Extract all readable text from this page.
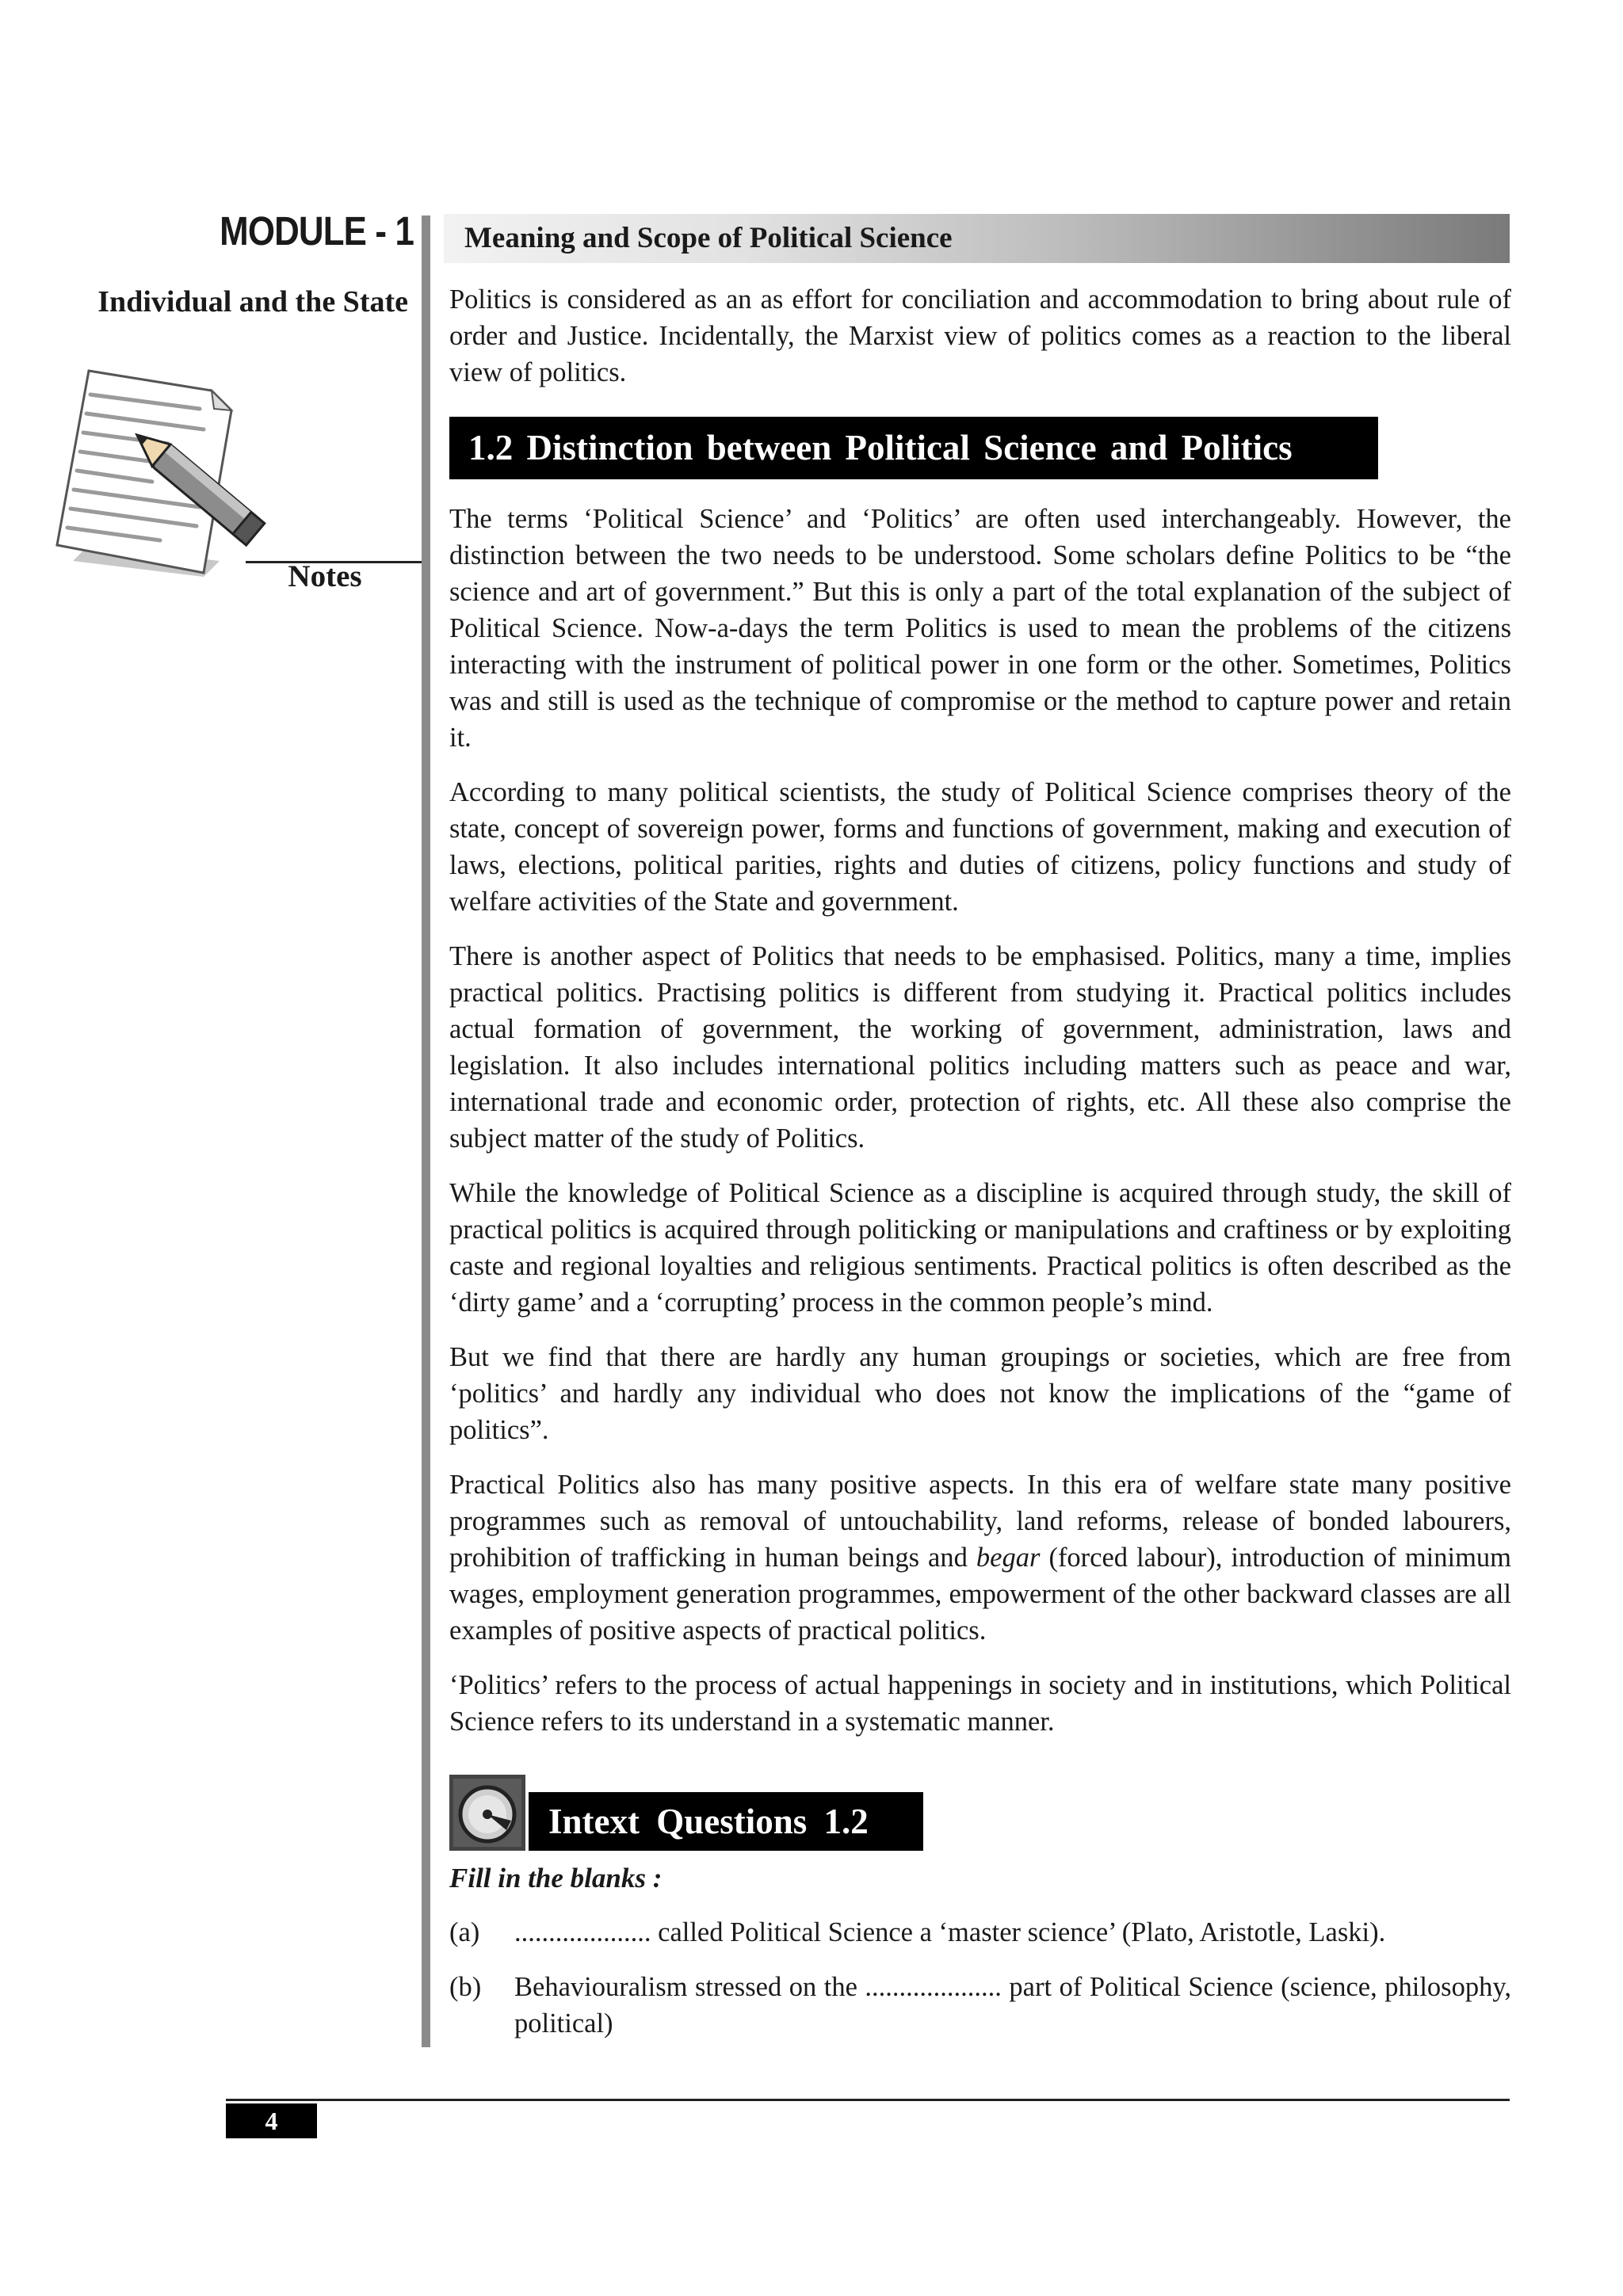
MODULE - 1
Individual and the State
Notes
Meaning and Scope of Political Science

Politics is considered as an as effort for conciliation and accommodation to bring about rule of order and Justice. Incidentally, the Marxist view of politics comes as a reaction to the liberal view of politics.

1.2 Distinction between Political Science and Politics

The terms ‘Political Science’ and ‘Politics’ are often used interchangeably. However, the distinction between the two needs to be understood. Some scholars define Politics to be “the science and art of government.” But this is only a part of the total explanation of the subject of Political Science. Now-a-days the term Politics is used to mean the problems of the citizens interacting with the instrument of political power in one form or the other. Sometimes, Politics was and still is used as the technique of compromise or the method to capture power and retain it.

According to many political scientists, the study of Political Science comprises theory of the state, concept of sovereign power, forms and functions of government, making and execution of laws, elections, political parities, rights and duties of citizens, policy functions and study of welfare activities of the State and government.

There is another aspect of Politics that needs to be emphasised. Politics, many a time, implies practical politics. Practising politics is different from studying it. Practical politics includes actual formation of government, the working of government, administration, laws and legislation. It also includes international politics including matters such as peace and war, international trade and economic order, protection of rights, etc. All these also comprise the subject matter of the study of Politics.

While the knowledge of Political Science as a discipline is acquired through study, the skill of practical politics is acquired through politicking or manipulations and craftiness or by exploiting caste and regional loyalties and religious sentiments. Practical politics is often described as the ‘dirty game’ and a ‘corrupting’ process in the common people’s mind.

But we find that there are hardly any human groupings or societies, which are free from ‘politics’ and hardly any individual who does not know the implications of the “game of politics”.

Practical Politics also has many positive aspects. In this era of welfare state many positive programmes such as removal of untouchability, land reforms, release of bonded labourers, prohibition of trafficking in human beings and begar (forced labour), introduction of minimum wages, employment generation programmes, empowerment of the other backward classes are all examples of positive aspects of practical politics.

‘Politics’ refers to the process of actual happenings in society and in institutions, which Political Science refers to its understand in a systematic manner.

Intext Questions 1.2
Fill in the blanks :
(a) .................... called Political Science a ‘master science’ (Plato, Aristotle, Laski).
(b) Behaviouralism stressed on the .................... part of Political Science (science, philosophy, political)
4
